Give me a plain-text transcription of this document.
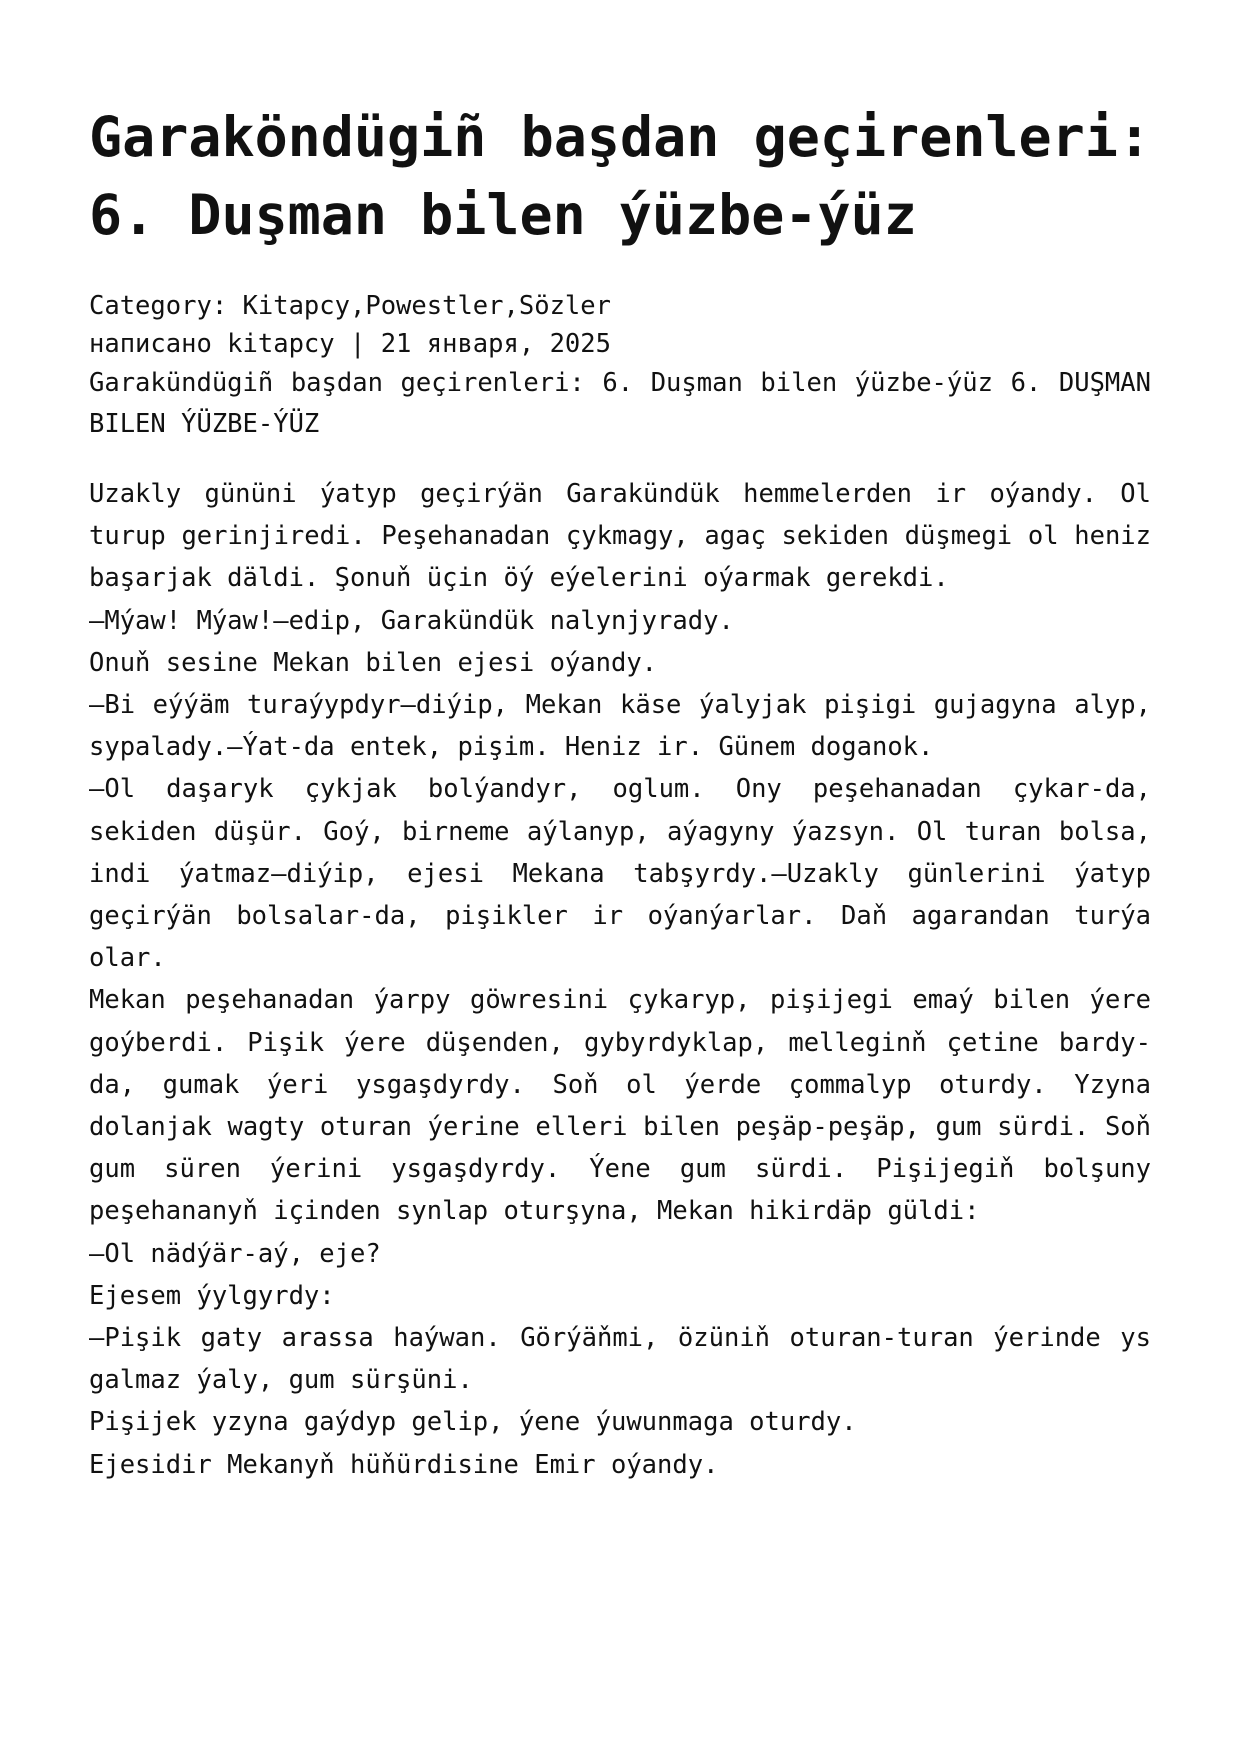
Garaköndügiñ başdan geçirenleri: 6. Duşman bilen ýüzbe-ýüz
Category: Kitapcy,Powestler,Sözler
написано kitapcy | 21 января, 2025

Garakündügiñ başdan geçirenleri: 6. Duşman bilen ýüzbe-ýüz 6. DUŞMAN BILEN ÝÜZBE-ÝÜZ

Uzakly gününi ýatyp geçirýän Garakündük hemmelerden ir oýandy. Ol turup gerinjiredi. Peşehanadan çykmagy, agaç sekiden düşmegi ol heniz başarjak däldi. Şonuň üçin öý eýelerini oýarmak gerekdi.

—Mýaw! Mýaw!—edip, Garakündük nalynjyrady.

Onuň sesine Mekan bilen ejesi oýandy.

—Bi eýýäm turaýypdyr—diýip, Mekan käse ýalyjak pişigi gujagyna alyp, sypalady.—Ýat-da entek, pişim. Heniz ir. Günem doganok.

—Ol daşaryk çykjak bolýandyr, oglum. Ony peşehanadan çykar-da, sekiden düşür. Goý, birneme aýlanyp, aýagyny ýazsyn. Ol turan bolsa, indi ýatmaz—diýip, ejesi Mekana tabşyrdy.—Uzakly günlerini ýatyp geçirýän bolsalar-da, pişikler ir oýanýarlar. Daň agarandan turýa olar.

Mekan peşehanadan ýarpy göwresini çykaryp, pişijegi emaý bilen ýere goýberdi. Pişik ýere düşenden, gybyrdyklap, melleginň çetine bardy-da, gumak ýeri ysgaşdyrdy. Soň ol ýerde çommalyp oturdy. Yzyna dolanjak wagty oturan ýerine elleri bilen peşäp-peşäp, gum sürdi. Soň gum süren ýerini ysgaşdyrdy. Ýene gum sürdi. Pişijegiň bolşuny peşehananyň içinden synlap oturşyna, Mekan hikirdäp güldi:

—Ol nädýär-aý, eje?

Ejesem ýylgyrdy:

—Pişik gaty arassa haýwan. Görýäňmi, özüniň oturan-turan ýerinde ys galmaz ýaly, gum sürşüni.

Pişijek yzyna gaýdyp gelip, ýene ýuwunmaga oturdy.

Ejesidir Mekanyň hüňürdisine Emir oýandy.
